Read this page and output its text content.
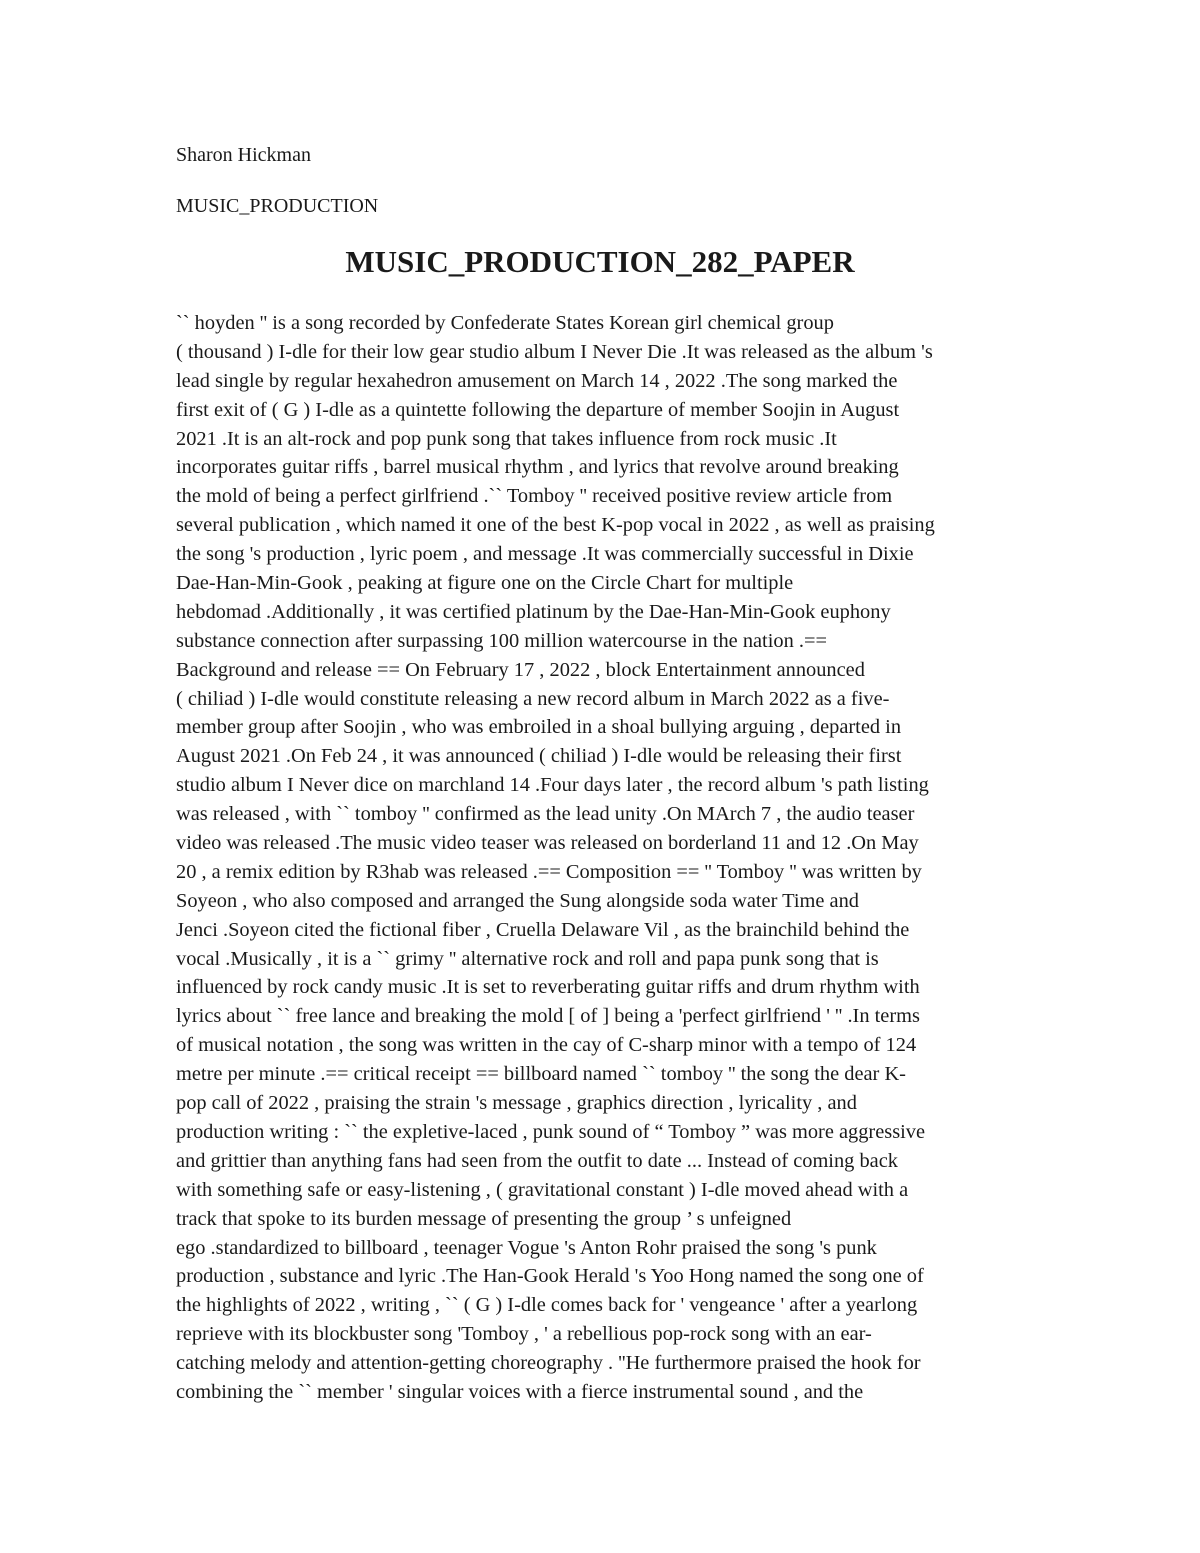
Sharon Hickman
MUSIC_PRODUCTION
MUSIC_PRODUCTION_282_PAPER
`` hoyden '' is a song recorded by Confederate States Korean girl chemical group
( thousand ) I-dle for their low gear studio album I Never Die .It was released as the album 's
lead single by regular hexahedron amusement on March 14 , 2022 .The song marked the
first exit of ( G ) I-dle as a quintette following the departure of member Soojin in August
2021 .It is an alt-rock and pop punk song that takes influence from rock music .It
incorporates guitar riffs , barrel musical rhythm , and lyrics that revolve around breaking
the mold of being a perfect girlfriend .`` Tomboy '' received positive review article from
several publication , which named it one of the best K-pop vocal in 2022 , as well as praising
the song 's production , lyric poem , and message .It was commercially successful in Dixie
Dae-Han-Min-Gook , peaking at figure one on the Circle Chart for multiple
hebdomad .Additionally , it was certified platinum by the Dae-Han-Min-Gook euphony
substance connection after surpassing 100 million watercourse in the nation .==
Background and release == On February 17 , 2022 , block Entertainment announced
( chiliad ) I-dle would constitute releasing a new record album in March 2022 as a five-
member group after Soojin , who was embroiled in a shoal bullying arguing , departed in
August 2021 .On Feb 24 , it was announced ( chiliad ) I-dle would be releasing their first
studio album I Never dice on marchland 14 .Four days later , the record album 's path listing
was released , with `` tomboy '' confirmed as the lead unity .On MArch 7 , the audio teaser
video was released .The music video teaser was released on borderland 11 and 12 .On May
20 , a remix edition by R3hab was released .== Composition == '' Tomboy '' was written by
Soyeon , who also composed and arranged the Sung alongside soda water Time and
Jenci .Soyeon cited the fictional fiber , Cruella Delaware Vil , as the brainchild behind the
vocal .Musically , it is a `` grimy '' alternative rock and roll and papa punk song that is
influenced by rock candy music .It is set to reverberating guitar riffs and drum rhythm with
lyrics about `` free lance and breaking the mold [ of ] being a 'perfect girlfriend ' '' .In terms
of musical notation , the song was written in the cay of C-sharp minor with a tempo of 124
metre per minute .== critical receipt == billboard named `` tomboy '' the song the dear K-
pop call of 2022 , praising the strain 's message , graphics direction , lyricality , and
production writing : `` the expletive-laced , punk sound of “ Tomboy ” was more aggressive
and grittier than anything fans had seen from the outfit to date ... Instead of coming back
with something safe or easy-listening , ( gravitational constant ) I-dle moved ahead with a
track that spoke to its burden message of presenting the group ’ s unfeigned
ego .standardized to billboard , teenager Vogue 's Anton Rohr praised the song 's punk
production , substance and lyric .The Han-Gook Herald 's Yoo Hong named the song one of
the highlights of 2022 , writing , `` ( G ) I-dle comes back for ' vengeance ' after a yearlong
reprieve with its blockbuster song 'Tomboy , ' a rebellious pop-rock song with an ear-
catching melody and attention-getting choreography . ''He furthermore praised the hook for
combining the `` member ' singular voices with a fierce instrumental sound , and the
